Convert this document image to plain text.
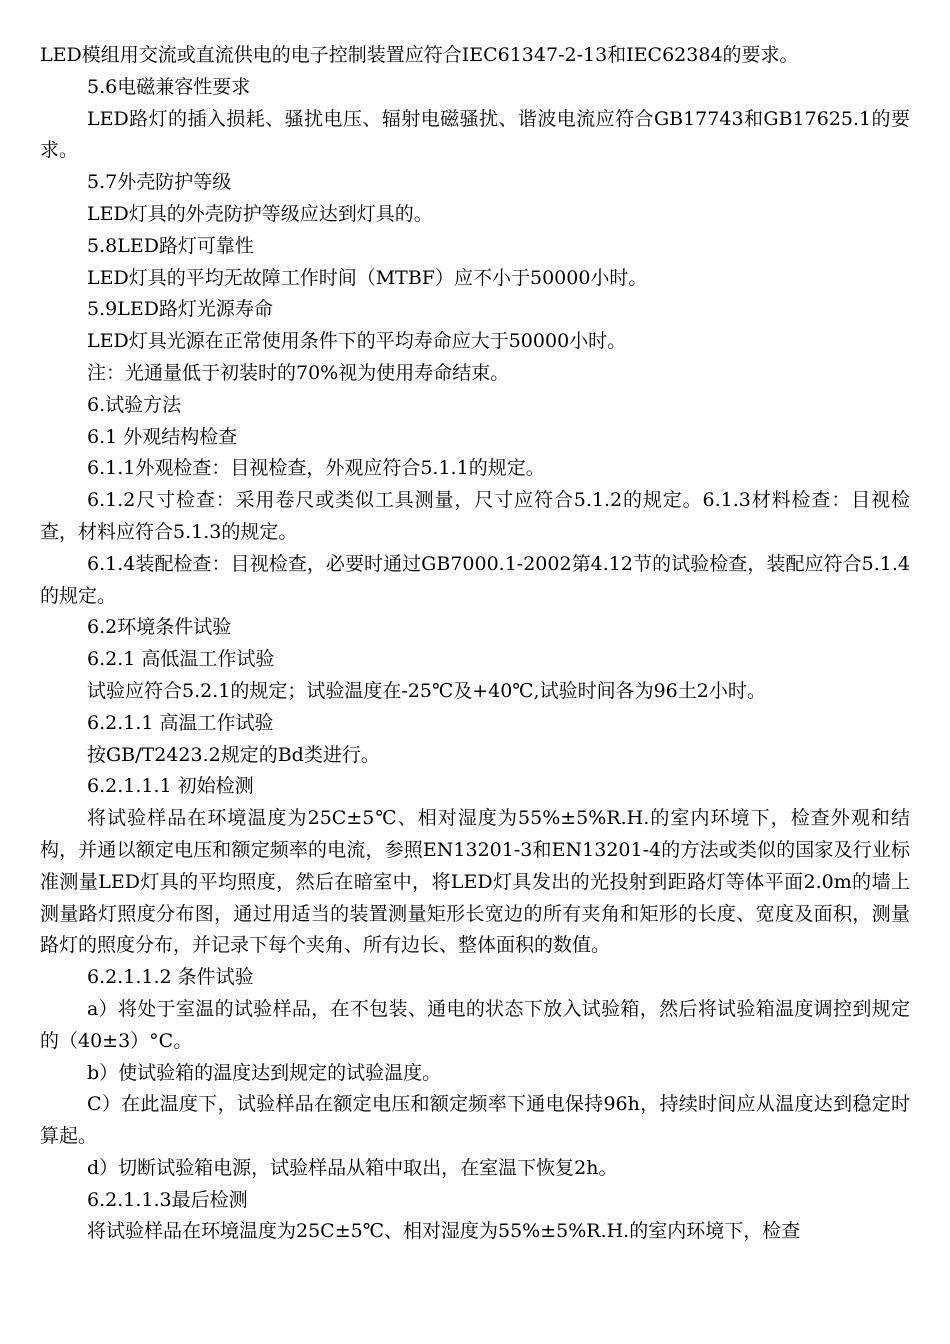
LED模组用交流或直流供电的电子控制装置应符合IEC61347-2-13和IEC62384的要求。

5.6电磁兼容性要求

LED路灯的插入损耗、骚扰电压、辐射电磁骚扰、谐波电流应符合GB17743和GB17625.1的要求。

5.7外壳防护等级

LED灯具的外壳防护等级应达到灯具的。

5.8LED路灯可靠性

LED灯具的平均无故障工作时间（MTBF）应不小于50000小时。

5.9LED路灯光源寿命

LED灯具光源在正常使用条件下的平均寿命应大于50000小时。

注：光通量低于初装时的70%视为使用寿命结束。

6.试验方法

6.1 外观结构检查

6.1.1外观检查：目视检查，外观应符合5.1.1的规定。

6.1.2尺寸检查：采用卷尺或类似工具测量，尺寸应符合5.1.2的规定。6.1.3材料检查：目视检查，材料应符合5.1.3的规定。

6.1.4装配检查：目视检查，必要时通过GB7000.1-2002第4.12节的试验检查，装配应符合5.1.4的规定。

6.2环境条件试验

6.2.1 高低温工作试验

试验应符合5.2.1的规定；试验温度在-25℃及+40℃,试验时间各为96土2小时。

6.2.1.1 高温工作试验

按GB/T2423.2规定的Bd类进行。

6.2.1.1.1 初始检测

将试验样品在环境温度为25C±5℃、相对湿度为55%±5%R.H.的室内环境下，检查外观和结构，并通以额定电压和额定频率的电流，参照EN13201-3和EN13201-4的方法或类似的国家及行业标准测量LED灯具的平均照度，然后在暗室中，将LED灯具发出的光投射到距路灯等体平面2.0m的墙上测量路灯照度分布图，通过用适当的装置测量矩形长宽边的所有夹角和矩形的长度、宽度及面积，测量路灯的照度分布，并记录下每个夹角、所有边长、整体面积的数值。

6.2.1.1.2 条件试验

a）将处于室温的试验样品，在不包装、通电的状态下放入试验箱，然后将试验箱温度调控到规定的（40±3）°C。

b）使试验箱的温度达到规定的试验温度。

C）在此温度下，试验样品在额定电压和额定频率下通电保持96h，持续时间应从温度达到稳定时算起。

d）切断试验箱电源，试验样品从箱中取出，在室温下恢复2h。

6.2.1.1.3最后检测

将试验样品在环境温度为25C±5℃、相对湿度为55%±5%R.H.的室内环境下，检查
